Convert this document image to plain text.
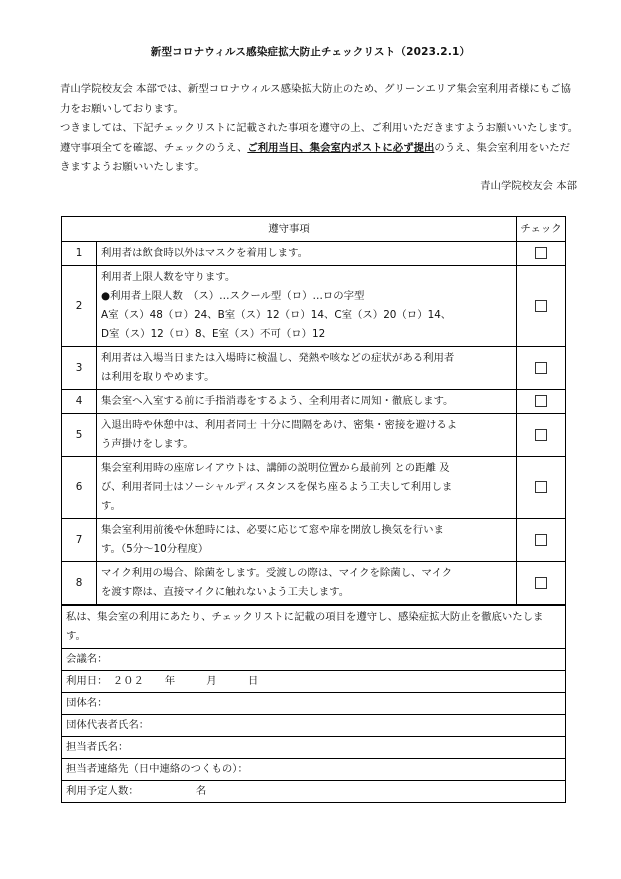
新型コロナウィルス感染症拡大防止チェックリスト（2023.2.1）

青山学院校友会 本部では、新型コロナウィルス感染拡大防止のため、グリーンエリア集会室利用者様にもご協力をお願いしております。

つきましては、下記チェックリストに記載された事項を遵守の上、ご利用いただきますようお願いいたします。

遵守事項全てを確認、チェックのうえ、ご利用当日、集会室内ポストに必ず提出のうえ、集会室利用をいただきますようお願いいたします。

青山学院校友会 本部
遵守事項		チェック
1	利用者は飲食時以外はマスクを着用します。	

2	利用者上限人数を守ります。
●利用者上限人数　（ス）…スクール型（ロ）…ロの字型
A室（ス）48（ロ）24、B室（ス）12（ロ）14、C室（ス）20（ロ）14、
D室（ス）12（ロ）8、E室（ス）不可（ロ）12	

3	利用者は入場当日または入場時に検温し、発熱や咳などの症状がある利用者
は利用を取りやめます。	

4	集会室へ入室する前に手指消毒をするよう、全利用者に周知・徹底します。	

5	入退出時や休憩中は、利用者同士 十分に間隔をあけ、密集・密接を避けるよ
う声掛けをします。	

6	集会室利用時の座席レイアウトは、講師の説明位置から最前列 との距離 及
び、利用者同士はソーシャルディスタンスを保ち座るよう工夫して利用しま
す。	

7	集会室利用前後や休憩時には、必要に応じて窓や扉を開放し換気を行いま
す。（5分～10分程度）	

8	マイク利用の場合、除菌をします。受渡しの際は、マイクを除菌し、マイク
を渡す際は、直接マイクに触れないよう工夫します。	

私は、集会室の利用にあたり、チェックリストに記載の項目を遵守し、感染症拡大防止を徹底いたします。
会議名：
利用日：　２０２　　年　　　月　　　日
団体名：
団体代表者氏名：
担当者氏名：
担当者連絡先（日中連絡のつくもの）：
利用予定人数：　　　　　　名
